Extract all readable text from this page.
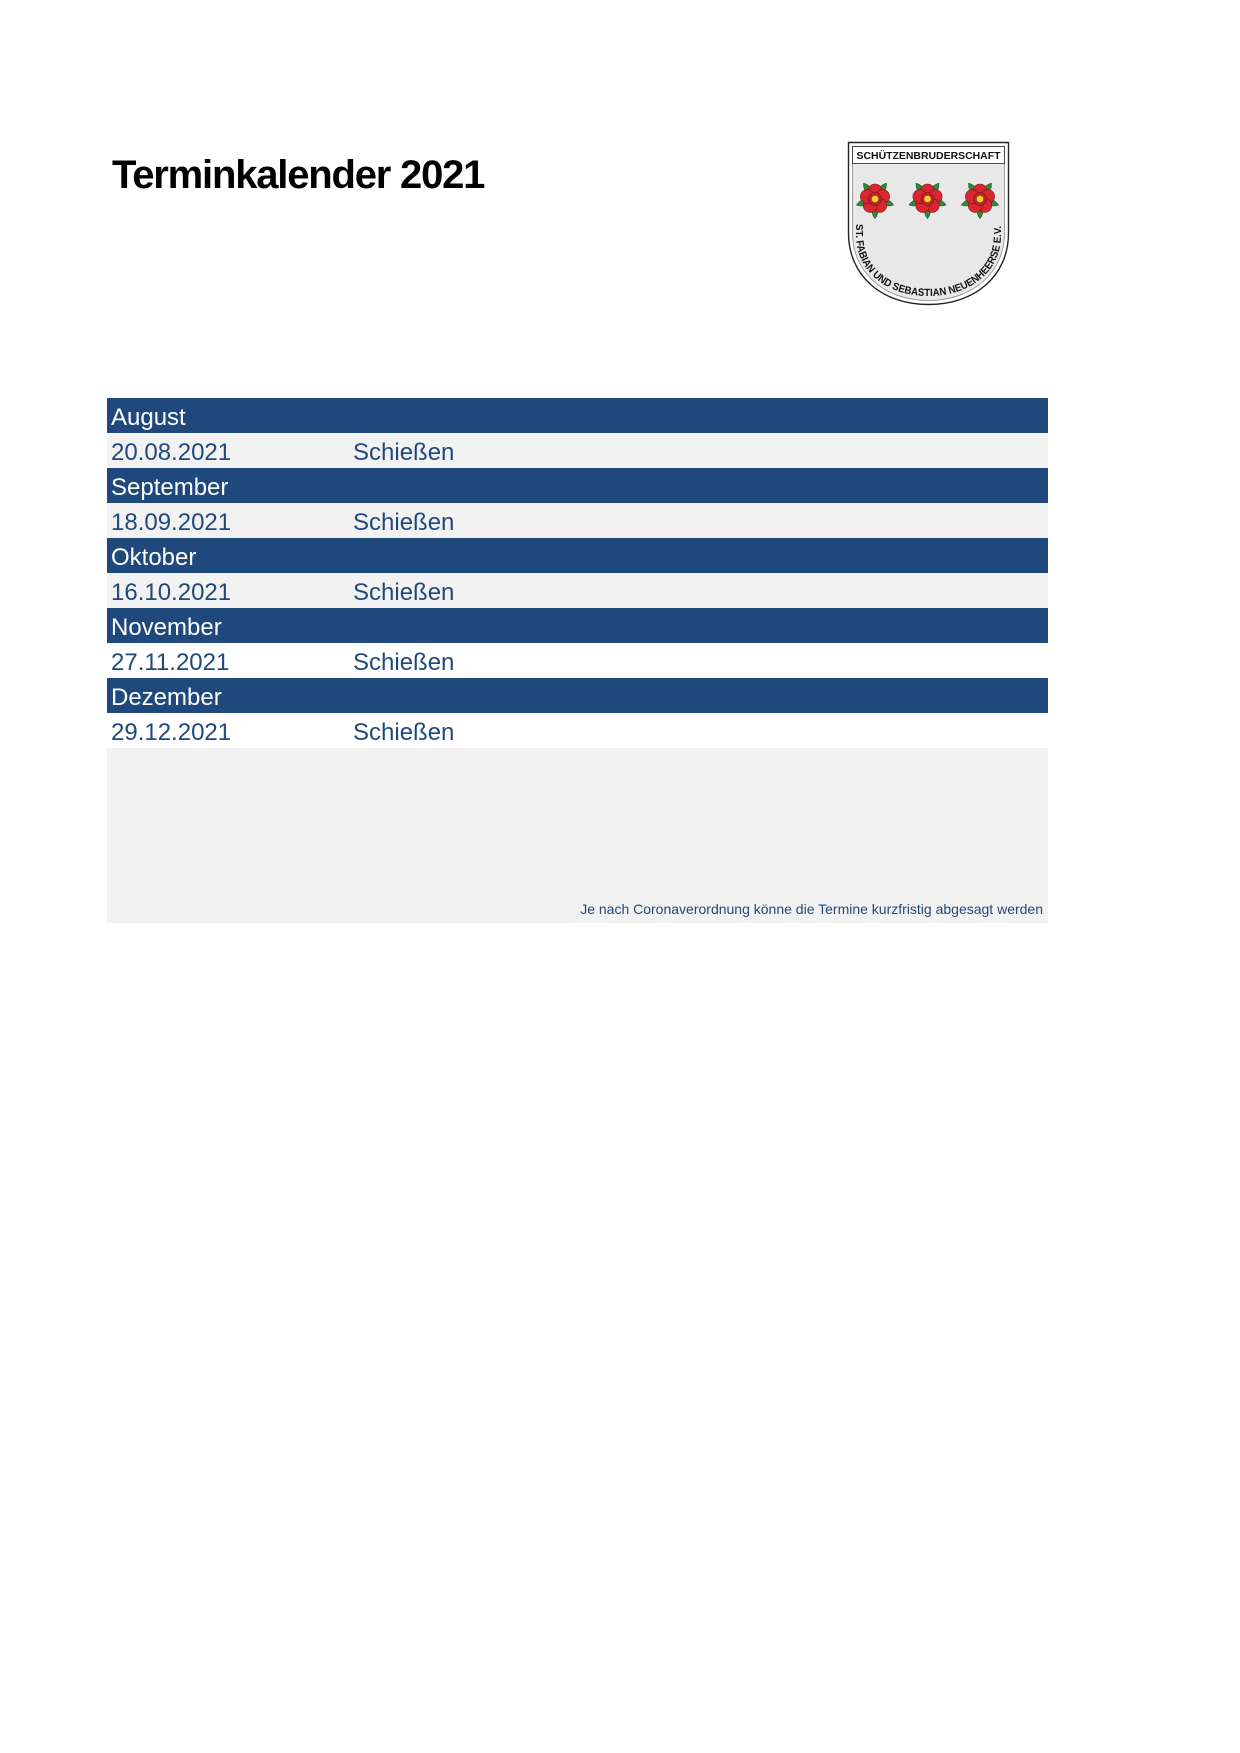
Terminkalender 2021	SCHÜTZENBRUDERSCHAFT
ST. FABIAN UND SEBASTIAN NEUENHEERSE E.V.
August
20.08.2021	Schießen
September
18.09.2021	Schießen
Oktober
16.10.2021	Schießen
November
27.11.2021	Schießen
Dezember
29.12.2021	Schießen
Je nach Coronaverordnung könne die Termine kurzfristig abgesagt werden
